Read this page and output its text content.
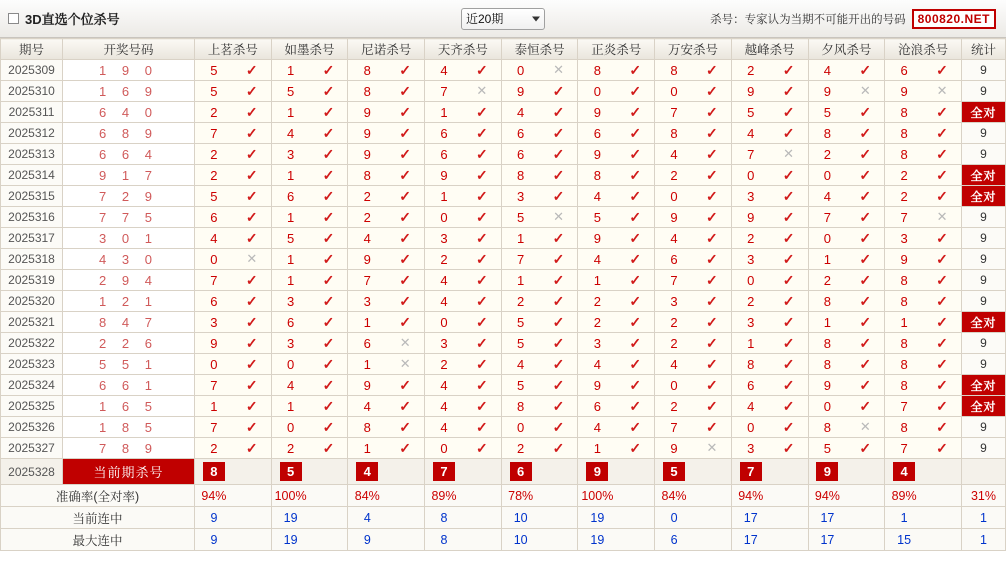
3D直选个位杀号	近20期	杀号：专家认为当期不可能开出的号码	800820.NET
期号	开奖号码	上茗杀号		如墨杀号		尼诺杀号		天齐杀号		泰恒杀号		正炎杀号		万安杀号		越峰杀号		夕风杀号		沧浪杀号		统计
2025309	1 9 0	5	✓	1	✓	8	✓	4	✓	0	✕	8	✓	8	✓	2	✓	4	✓	6	✓	9
2025310	1 6 9	5	✓	5	✓	8	✓	7	✕	9	✓	0	✓	0	✓	9	✓	9	✕	9	✕	9
2025311	6 4 0	2	✓	1	✓	9	✓	1	✓	4	✓	9	✓	7	✓	5	✓	5	✓	8	✓	全对
2025312	6 8 9	7	✓	4	✓	9	✓	6	✓	6	✓	6	✓	8	✓	4	✓	8	✓	8	✓	9
2025313	6 6 4	2	✓	3	✓	9	✓	6	✓	6	✓	9	✓	4	✓	7	✕	2	✓	8	✓	9
2025314	9 1 7	2	✓	1	✓	8	✓	9	✓	8	✓	8	✓	2	✓	0	✓	0	✓	2	✓	全对
2025315	7 2 9	5	✓	6	✓	2	✓	1	✓	3	✓	4	✓	0	✓	3	✓	4	✓	2	✓	全对
2025316	7 7 5	6	✓	1	✓	2	✓	0	✓	5	✕	5	✓	9	✓	9	✓	7	✓	7	✕	9
2025317	3 0 1	4	✓	5	✓	4	✓	3	✓	1	✓	9	✓	4	✓	2	✓	0	✓	3	✓	9
2025318	4 3 0	0	✕	1	✓	9	✓	2	✓	7	✓	4	✓	6	✓	3	✓	1	✓	9	✓	9
2025319	2 9 4	7	✓	1	✓	7	✓	4	✓	1	✓	1	✓	7	✓	0	✓	2	✓	8	✓	9
2025320	1 2 1	6	✓	3	✓	3	✓	4	✓	2	✓	2	✓	3	✓	2	✓	8	✓	8	✓	9
2025321	8 4 7	3	✓	6	✓	1	✓	0	✓	5	✓	2	✓	2	✓	3	✓	1	✓	1	✓	全对
2025322	2 2 6	9	✓	3	✓	6	✕	3	✓	5	✓	3	✓	2	✓	1	✓	8	✓	8	✓	9
2025323	5 5 1	0	✓	0	✓	1	✕	2	✓	4	✓	4	✓	4	✓	8	✓	8	✓	8	✓	9
2025324	6 6 1	7	✓	4	✓	9	✓	4	✓	5	✓	9	✓	0	✓	6	✓	9	✓	8	✓	全对
2025325	1 6 5	1	✓	1	✓	4	✓	4	✓	8	✓	6	✓	2	✓	4	✓	0	✓	7	✓	全对
2025326	1 8 5	7	✓	0	✓	8	✓	4	✓	0	✓	4	✓	7	✓	0	✓	8	✕	8	✓	9
2025327	7 8 9	2	✓	2	✓	1	✓	0	✓	2	✓	1	✓	9	✕	3	✓	5	✓	7	✓	9
2025328	当前期杀号	8		5		4		7		6		9		5		7		9		4		
准确率(全对率)		94%		100%		84%		89%		78%		100%		84%		94%		94%		89%		31%
当前连中		9		19		4		8		10		19		0		17		17		1		1
最大连中		9		19		9		8		10		19		6		17		17		15		1
